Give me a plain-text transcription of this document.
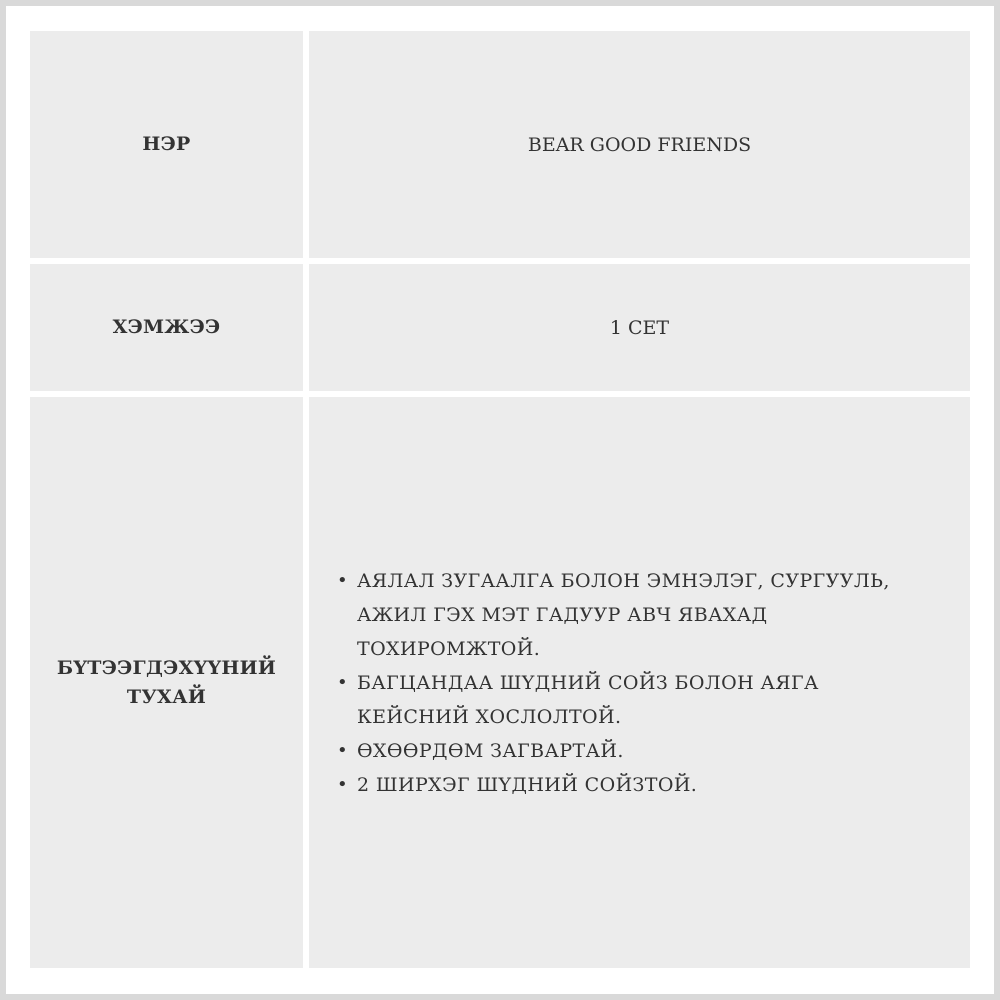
НЭР	BEAR GOOD FRIENDS
ХЭМЖЭЭ	1 СЕТ
БҮТЭЭГДЭХҮҮНИЙ
ТУХАЙ
• АЯЛАЛ ЗУГААЛГА БОЛОН ЭМНЭЛЭГ, СУРГУУЛЬ, АЖИЛ ГЭХ МЭТ ГАДУУР АВЧ ЯВАХАД ТОХИРОМЖТОЙ.
• БАГЦАНДАА ШҮДНИЙ СОЙЗ БОЛОН АЯГА КЕЙСНИЙ ХОСЛОЛТОЙ.
• ӨХӨӨРДӨМ ЗАГВАРТАЙ.
• 2 ШИРХЭГ ШҮДНИЙ СОЙЗТОЙ.
